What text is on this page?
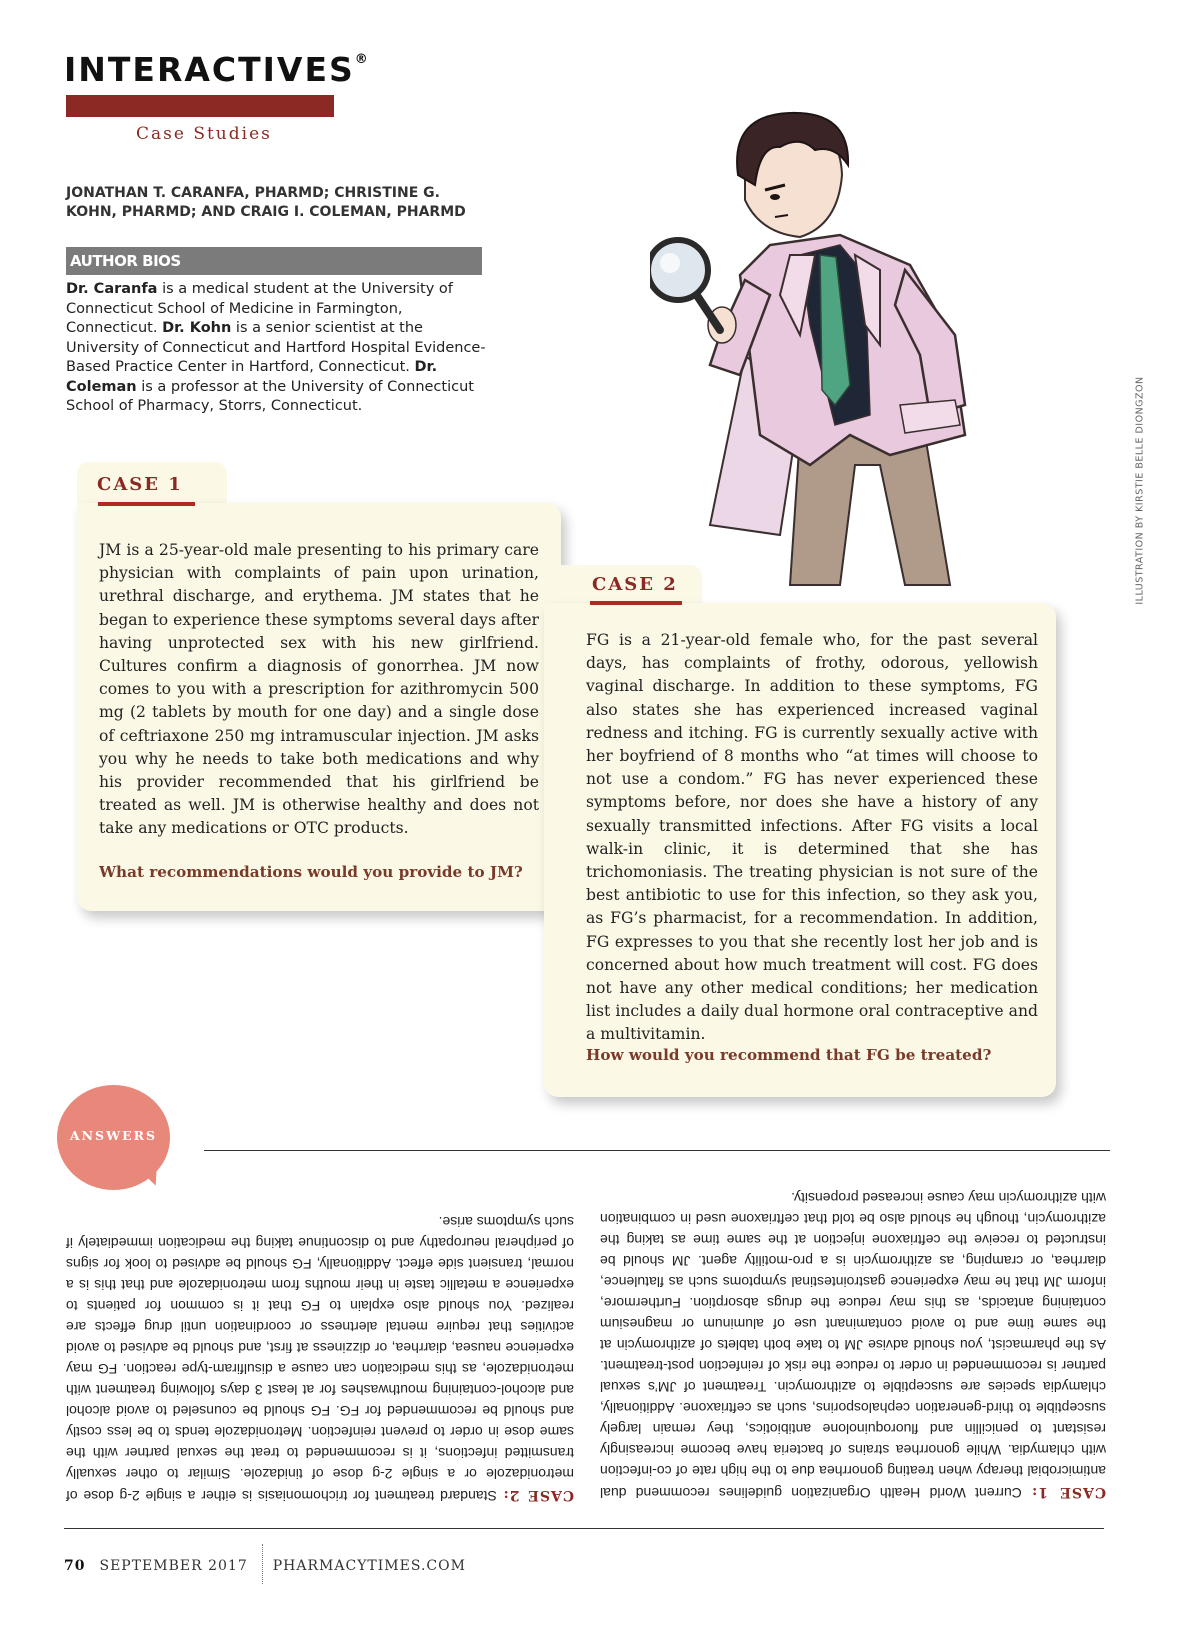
INTERACTIVES®
Case Studies
JONATHAN T. CARANFA, PHARMD; CHRISTINE G. KOHN, PHARMD; AND CRAIG I. COLEMAN, PHARMD
AUTHOR BIOS
Dr. Caranfa is a medical student at the University of Connecticut School of Medicine in Farmington, Connecticut. Dr. Kohn is a senior scientist at the University of Connecticut and Hartford Hospital Evidence-Based Practice Center in Hartford, Connecticut. Dr. Coleman is a professor at the University of Connecticut School of Pharmacy, Storrs, Connecticut.	ILLUSTRATION BY KIRSTIE BELLE DIONGZON
CASE 1
JM is a 25-year-old male presenting to his primary care physician with complaints of pain upon urination, urethral discharge, and erythema. JM states that he began to experience these symptoms several days after having unprotected sex with his new girlfriend. Cultures confirm a diagnosis of gonorrhea. JM now comes to you with a prescription for azithromycin 500 mg (2 tablets by mouth for one day) and a single dose of ceftriaxone 250 mg intramuscular injection. JM asks you why he needs to take both medications and why his provider recommended that his girlfriend be treated as well. JM is otherwise healthy and does not take any medications or OTC products.
What recommendations would you provide to JM?
CASE 2
FG is a 21-year-old female who, for the past several days, has complaints of frothy, odorous, yellowish vaginal discharge. In addition to these symptoms, FG also states she has experienced increased vaginal redness and itching. FG is currently sexually active with her boyfriend of 8 months who “at times will choose to not use a condom.” FG has never experienced these symptoms before, nor does she have a history of any sexually transmitted infections. After FG visits a local walk-in clinic, it is determined that she has trichomoniasis. The treating physician is not sure of the best antibiotic to use for this infection, so they ask you, as FG’s pharmacist, for a recommendation. In addition, FG expresses to you that she recently lost her job and is concerned about how much treatment will cost. FG does not have any other medical conditions; her medication list includes a daily dual hormone oral contraceptive and a multivitamin.
How would you recommend that FG be treated?
ANSWERS
CASE 2: Standard treatment for trichomoniasis is either a single 2-g dose of metronidazole or a single 2-g dose of tinidazole. Similar to other sexually transmitted infections, it is recommended to treat the sexual partner with the same dose in order to prevent reinfection. Metronidazole tends to be less costly and should be recommended for FG. FG should be counseled to avoid alcohol and alcohol-containing mouthwashes for at least 3 days following treatment with metronidazole, as this medication can cause a disulfiram-type reaction. FG may experience nausea, diarrhea, or dizziness at first, and should be advised to avoid activities that require mental alertness or coordination until drug effects are realized. You should also explain to FG that it is common for patients to experience a metallic taste in their mouths from metronidazole and that this is a normal, transient side effect. Additionally, FG should be advised to look for signs of peripheral neuropathy and to discontinue taking the medication immediately if such symptoms arise.
CASE 1: Current World Health Organization guidelines recommend dual antimicrobial therapy when treating gonorrhea due to the high rate of co-infection with chlamydia. While gonorrhea strains of bacteria have become increasingly resistant to penicillin and fluoroquinolone antibiotics, they remain largely susceptible to third-generation cephalosporins, such as ceftriaxone. Additionally, chlamydia species are susceptible to azithromycin. Treatment of JM’s sexual partner is recommended in order to reduce the risk of reinfection post-treatment. As the pharmacist, you should advise JM to take both tablets of azithromycin at the same time and to avoid contaminant use of aluminum or magnesium containing antacids, as this may reduce the drugs absorption. Furthermore, inform JM that he may experience gastrointestinal symptoms such as flatulence, diarrhea, or cramping, as azithromycin is a pro-motility agent. JM should be instructed to receive the ceftriaxone injection at the same time as taking the azithromycin, though he should also be told that ceftriaxone used in combination with azithromycin may cause increased propensity.
70 SEPTEMBER 2017 PHARMACYTIMES.COM
